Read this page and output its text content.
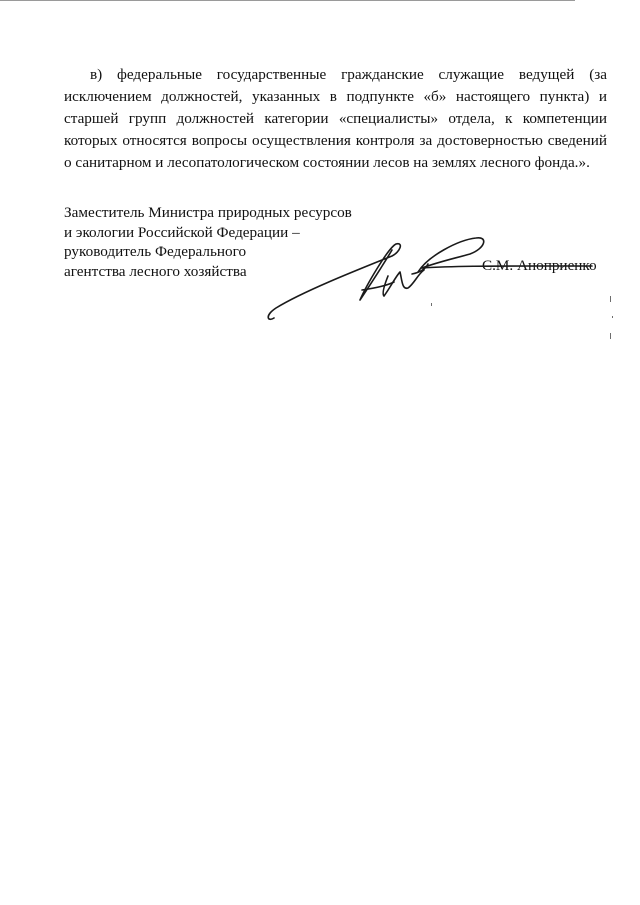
в) федеральные государственные гражданские служащие ведущей (за исключением должностей, указанных в подпункте «б» настоящего пункта) и старшей групп должностей категории «специалисты» отдела, к компетенции которых относятся вопросы осуществления контроля за достоверностью сведений о санитарном и лесопатологическом состоянии лесов на землях лесного фонда.».

Заместитель Министра природных ресурсов
и экологии Российской Федерации –
руководитель Федерального
агентства лесного хозяйства	С.М. Аноприенко
